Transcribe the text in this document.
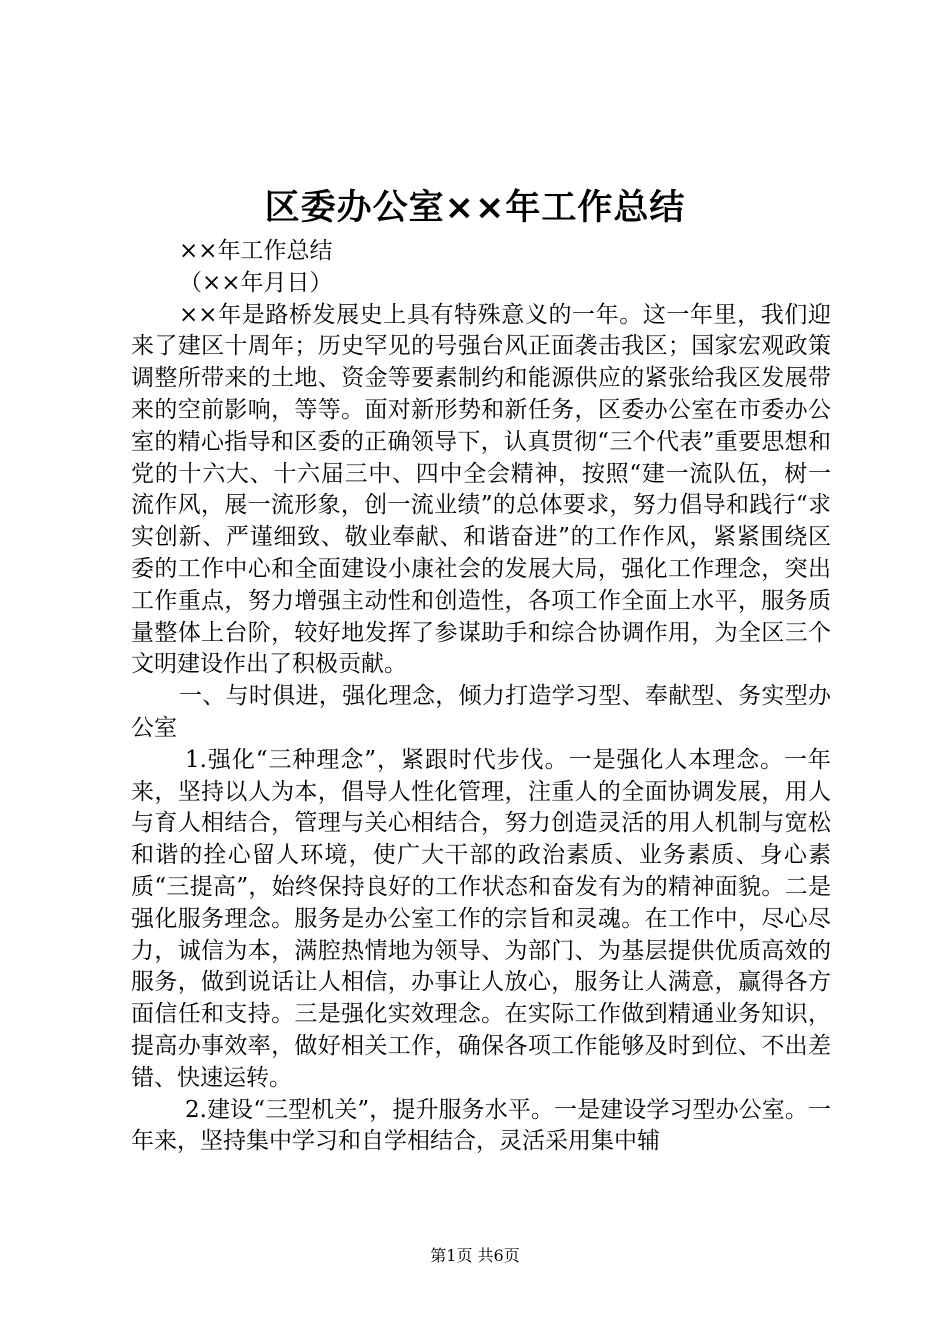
区委办公室××年工作总结

××年工作总结

（××年月日）

××年是路桥发展史上具有特殊意义的一年。这一年里，我们迎来了建区十周年；历史罕见的号强台风正面袭击我区；国家宏观政策调整所带来的土地、资金等要素制约和能源供应的紧张给我区发展带来的空前影响，等等。面对新形势和新任务，区委办公室在市委办公室的精心指导和区委的正确领导下，认真贯彻“三个代表”重要思想和党的十六大、十六届三中、四中全会精神，按照“建一流队伍，树一流作风，展一流形象，创一流业绩”的总体要求，努力倡导和践行“求实创新、严谨细致、敬业奉献、和谐奋进”的工作作风，紧紧围绕区委的工作中心和全面建设小康社会的发展大局，强化工作理念，突出工作重点，努力增强主动性和创造性，各项工作全面上水平，服务质量整体上台阶，较好地发挥了参谋助手和综合协调作用，为全区三个文明建设作出了积极贡献。

一、与时俱进，强化理念，倾力打造学习型、奉献型、务实型办公室

1.强化“三种理念”，紧跟时代步伐。一是强化人本理念。一年来，坚持以人为本，倡导人性化管理，注重人的全面协调发展，用人与育人相结合，管理与关心相结合，努力创造灵活的用人机制与宽松和谐的拴心留人环境，使广大干部的政治素质、业务素质、身心素质“三提高”，始终保持良好的工作状态和奋发有为的精神面貌。二是强化服务理念。服务是办公室工作的宗旨和灵魂。在工作中，尽心尽力，诚信为本，满腔热情地为领导、为部门、为基层提供优质高效的服务，做到说话让人相信，办事让人放心，服务让人满意，赢得各方面信任和支持。三是强化实效理念。在实际工作做到精通业务知识，提高办事效率，做好相关工作，确保各项工作能够及时到位、不出差错、快速运转。

2.建设“三型机关”，提升服务水平。一是建设学习型办公室。一年来，坚持集中学习和自学相结合，灵活采用集中辅

第1页 共6页
